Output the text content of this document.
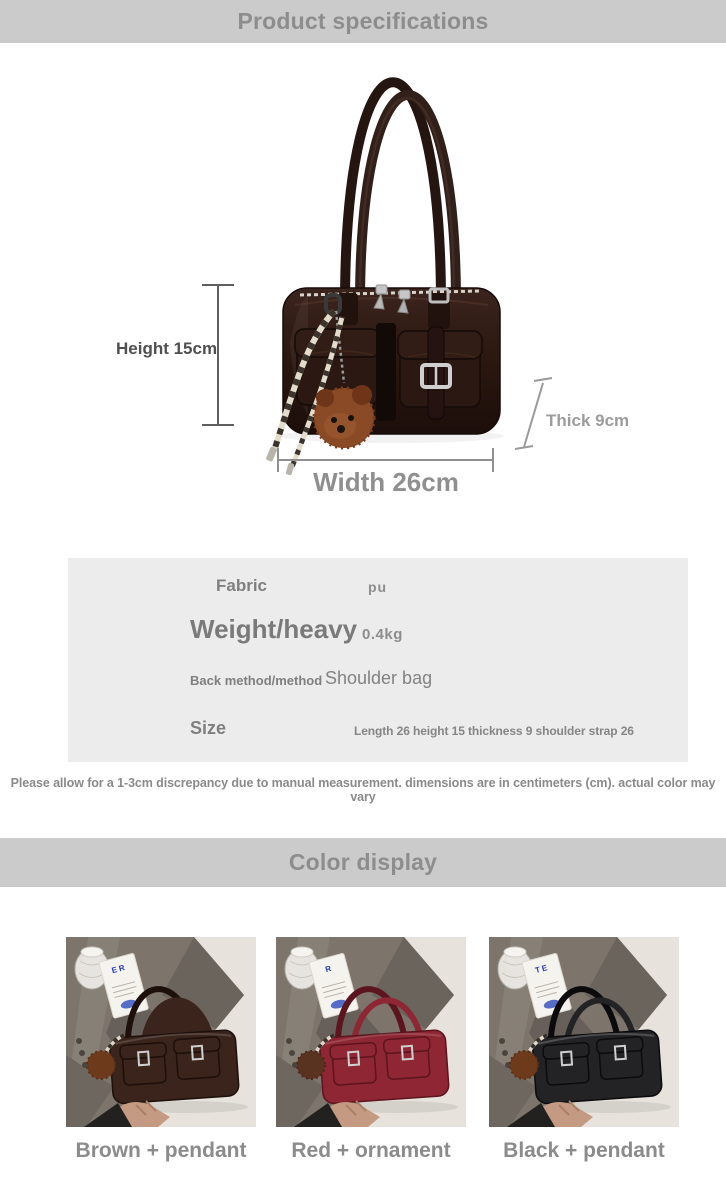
Product specifications
Height 15cm
Thick 9cm
Width 26cm
Fabric	pu
Weight/heavy 0.4kg
Back method/method Shoulder bag
Size	Length 26 height 15 thickness 9 shoulder strap 26

Please allow for a 1-3cm discrepancy due to manual measurement. dimensions are in centimeters (cm). actual color may vary

Color display
ER
Brown + pendant
R
Red + ornament
TE
Black + pendant
